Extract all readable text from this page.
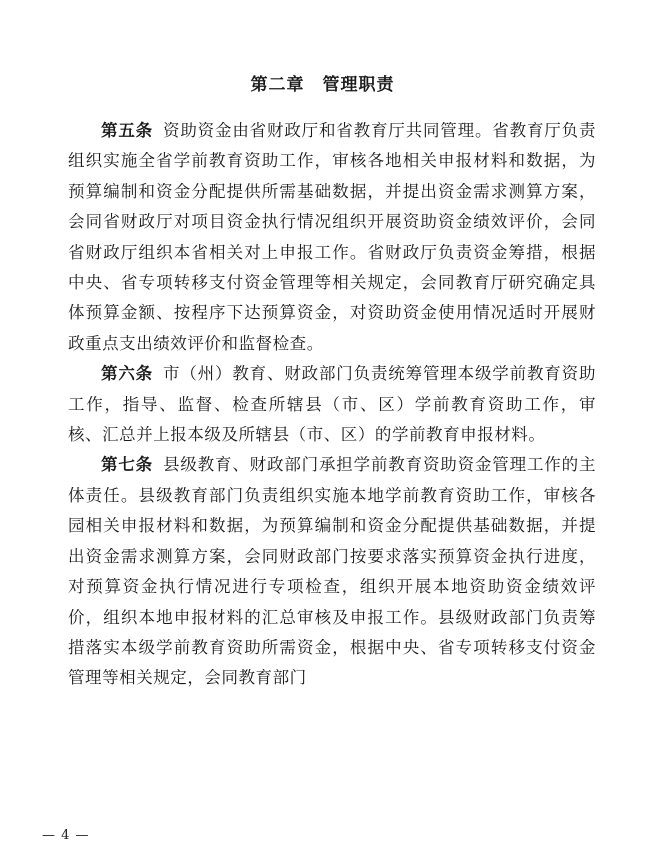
第二章　管理职责

第五条 资助资金由省财政厅和省教育厅共同管理。省教育厅负责组织实施全省学前教育资助工作，审核各地相关申报材料和数据，为预算编制和资金分配提供所需基础数据，并提出资金需求测算方案，会同省财政厅对项目资金执行情况组织开展资助资金绩效评价，会同省财政厅组织本省相关对上申报工作。省财政厅负责资金筹措，根据中央、省专项转移支付资金管理等相关规定，会同教育厅研究确定具体预算金额、按程序下达预算资金，对资助资金使用情况适时开展财政重点支出绩效评价和监督检查。

第六条 市（州）教育、财政部门负责统筹管理本级学前教育资助工作，指导、监督、检查所辖县（市、区）学前教育资助工作，审核、汇总并上报本级及所辖县（市、区）的学前教育申报材料。

第七条 县级教育、财政部门承担学前教育资助资金管理工作的主体责任。县级教育部门负责组织实施本地学前教育资助工作，审核各园相关申报材料和数据，为预算编制和资金分配提供基础数据，并提出资金需求测算方案，会同财政部门按要求落实预算资金执行进度，对预算资金执行情况进行专项检查，组织开展本地资助资金绩效评价，组织本地申报材料的汇总审核及申报工作。县级财政部门负责筹措落实本级学前教育资助所需资金，根据中央、省专项转移支付资金管理等相关规定，会同教育部门

— 4 —
